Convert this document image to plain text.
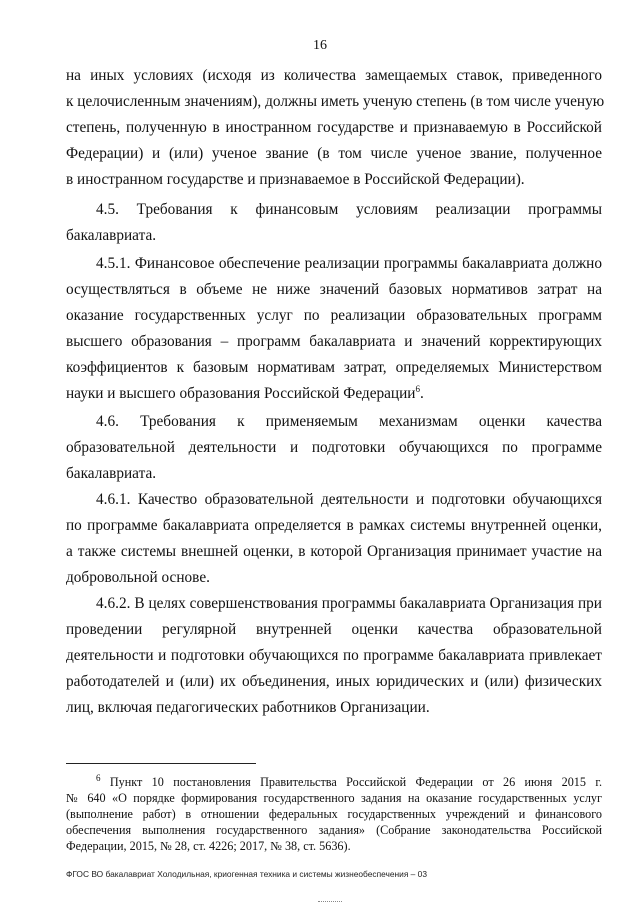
16
на иных условиях (исходя из количества замещаемых ставок, приведенного
к целочисленным значениям), должны иметь ученую степень (в том числе ученую
степень, полученную в иностранном государстве и признаваемую в Российской
Федерации) и (или) ученое звание (в том числе ученое звание, полученное
в иностранном государстве и признаваемое в Российской Федерации).
4.5. Требования к финансовым условиям реализации программы
бакалавриата.
4.5.1. Финансовое обеспечение реализации программы бакалавриата должно
осуществляться в объеме не ниже значений базовых нормативов затрат на
оказание государственных услуг по реализации образовательных программ
высшего образования – программ бакалавриата и значений корректирующих
коэффициентов к базовым нормативам затрат, определяемых Министерством
науки и высшего образования Российской Федерации$^6$.
4.6. Требования к применяемым механизмам оценки качества
образовательной деятельности и подготовки обучающихся по программе
бакалавриата.
4.6.1. Качество образовательной деятельности и подготовки обучающихся
по программе бакалавриата определяется в рамках системы внутренней оценки,
а также системы внешней оценки, в которой Организация принимает участие на
добровольной основе.
4.6.2. В целях совершенствования программы бакалавриата Организация при
проведении регулярной внутренней оценки качества образовательной
деятельности и подготовки обучающихся по программе бакалавриата привлекает
работодателей и (или) их объединения, иных юридических и (или) физических
лиц, включая педагогических работников Организации.
$^6$ Пункт 10 постановления Правительства Российской Федерации от 26 июня 2015 г.
№ 640 «О порядке формирования государственного задания на оказание государственных услуг
(выполнение работ) в отношении федеральных государственных учреждений и финансового
обеспечения выполнения государственного задания» (Собрание законодательства Российской
Федерации, 2015, № 28, ст. 4226; 2017, № 38, ст. 5636).
ФГОС ВО бакалавриат Холодильная, криогенная техника и системы жизнеобеспечения – 03
